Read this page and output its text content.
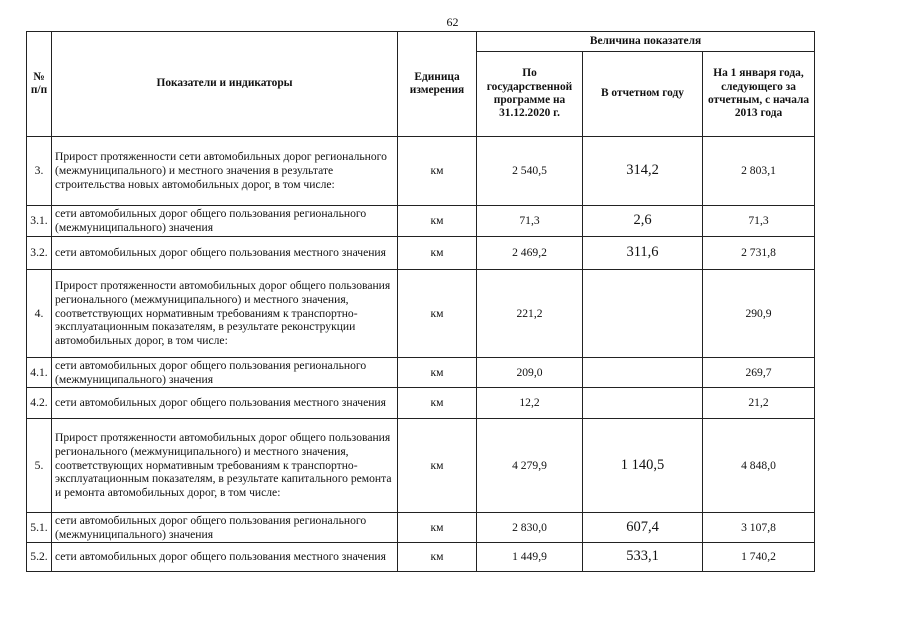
62
№ п/п	Показатели и индикаторы	Единица измерения	Величина показателя		
			По государственной программе на 31.12.2020 г.	В отчетном году	На 1 января года, следующего за отчетным, с начала 2013 года
3.	Прирост протяженности сети автомобильных дорог регионального (межмуниципального) и местного значения в результате строительства новых автомобильных дорог, в том числе:	км	2 540,5	314,2	2 803,1
3.1.	сети автомобильных дорог общего пользования регионального (межмуниципального) значения	км	71,3	2,6	71,3
3.2.	сети автомобильных дорог общего пользования местного значения	км	2 469,2	311,6	2 731,8
4.	Прирост протяженности автомобильных дорог общего пользования регионального (межмуниципального) и местного значения, соответствующих нормативным требованиям к транспортно-эксплуатационным показателям, в результате реконструкции автомобильных дорог, в том числе:	км	221,2		290,9
4.1.	сети автомобильных дорог общего пользования регионального (межмуниципального) значения	км	209,0		269,7
4.2.	сети автомобильных дорог общего пользования местного значения	км	12,2		21,2
5.	Прирост протяженности автомобильных дорог общего пользования регионального (межмуниципального) и местного значения, соответствующих нормативным требованиям к транспортно-эксплуатационным показателям, в результате капитального ремонта и ремонта автомобильных дорог, в том числе:	км	4 279,9	1 140,5	4 848,0
5.1.	сети автомобильных дорог общего пользования регионального (межмуниципального) значения	км	2 830,0	607,4	3 107,8
5.2.	сети автомобильных дорог общего пользования местного значения	км	1 449,9	533,1	1 740,2
